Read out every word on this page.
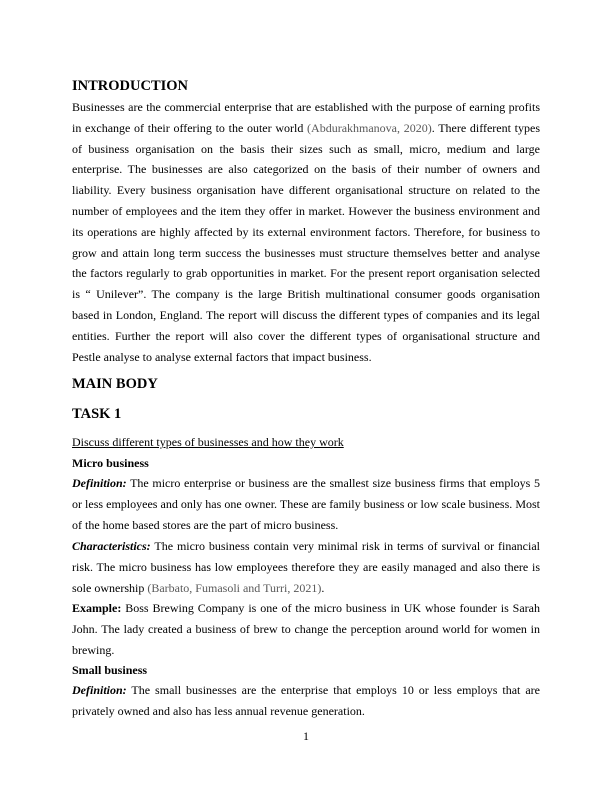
INTRODUCTION

Businesses are the commercial enterprise that are established with the purpose of earning profits in exchange of their offering to the outer world (Abdurakhmanova, 2020). There different types of business organisation on the basis their sizes such as small, micro, medium and large enterprise. The businesses are also categorized on the basis of their number of owners and liability. Every business organisation have different organisational structure on related to the number of employees and the item they offer in market. However the business environment and its operations are highly affected by its external environment factors. Therefore, for business to grow and attain long term success the businesses must structure themselves better and analyse the factors regularly to grab opportunities in market. For the present report organisation selected is “ Unilever”. The company is the large British multinational consumer goods organisation based in London, England. The report will discuss the different types of companies and its legal entities. Further the report will also cover the different types of organisational structure and Pestle analyse to analyse external factors that impact business.

MAIN BODY
TASK 1

Discuss different types of businesses and how they work

Micro business

Definition: The micro enterprise or business are the smallest size business firms that employs 5 or less employees and only has one owner. These are family business or low scale business. Most of the home based stores are the part of micro business.

Characteristics: The micro business contain very minimal risk in terms of survival or financial risk. The micro business has low employees therefore they are easily managed and also there is sole ownership (Barbato, Fumasoli and Turri, 2021).

Example: Boss Brewing Company is one of the micro business in UK whose founder is Sarah John. The lady created a business of brew to change the perception around world for women in brewing.

Small business

Definition: The small businesses are the enterprise that employs 10 or less employs that are privately owned and also has less annual revenue generation.

1
